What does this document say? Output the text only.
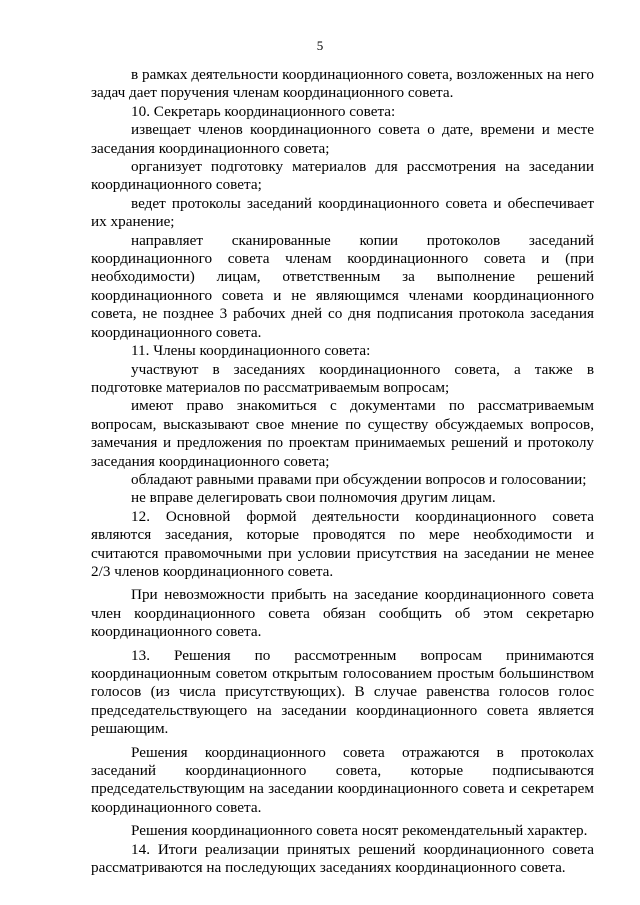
5

в рамках деятельности координационного совета, возложенных на него задач дает поручения членам координационного совета.

10. Секретарь координационного совета:

извещает членов координационного совета о дате, времени и месте заседания координационного совета;

организует подготовку материалов для рассмотрения на заседании координационного совета;

ведет протоколы заседаний координационного совета и обеспечивает их хранение;

направляет сканированные копии протоколов заседаний координационного совета членам координационного совета и (при необходимости) лицам, ответственным за выполнение решений координационного совета и не являющимся членами координационного совета, не позднее 3 рабочих дней со дня подписания протокола заседания координационного совета.

11. Члены координационного совета:

участвуют в заседаниях координационного совета, а также в подготовке материалов по рассматриваемым вопросам;

имеют право знакомиться с документами по рассматриваемым вопросам, высказывают свое мнение по существу обсуждаемых вопросов, замечания и предложения по проектам принимаемых решений и протоколу заседания координационного совета;

обладают равными правами при обсуждении вопросов и голосовании;

не вправе делегировать свои полномочия другим лицам.

12. Основной формой деятельности координационного совета являются заседания, которые проводятся по мере необходимости и считаются правомочными при условии присутствия на заседании не менее 2/3 членов координационного совета.

При невозможности прибыть на заседание координационного совета член координационного совета обязан сообщить об этом секретарю координационного совета.

13. Решения по рассмотренным вопросам принимаются координационным советом открытым голосованием простым большинством голосов (из числа присутствующих). В случае равенства голосов голос председательствующего на заседании координационного совета является решающим.

Решения координационного совета отражаются в протоколах заседаний координационного совета, которые подписываются председательствующим на заседании координационного совета и секретарем координационного совета.

Решения координационного совета носят рекомендательный характер.

14. Итоги реализации принятых решений координационного совета рассматриваются на последующих заседаниях координационного совета.
